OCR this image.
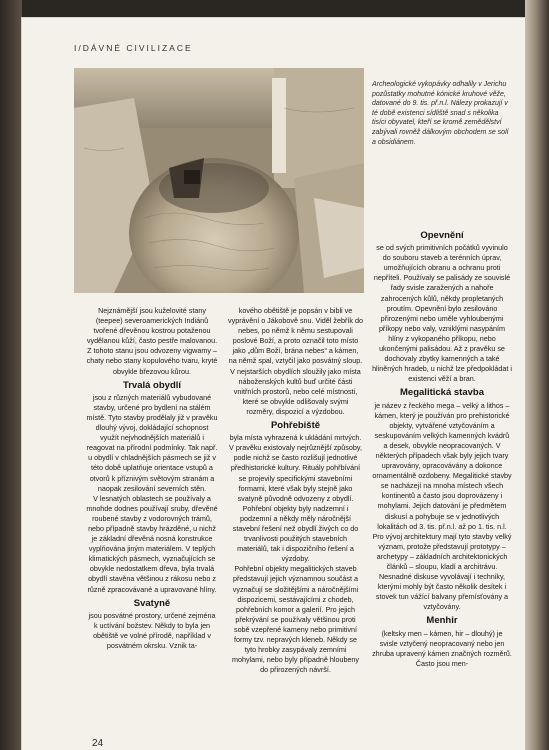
I/DÁVNÉ CIVILIZACE
Archeologické vykopávky odhalily v Jerichu pozůstatky mohutné kónické kruhové věže, datované do 9. tis. př.n.l. Nálezy prokazují v té době existenci sídliště snad s několika tisíci obyvatel, kteří se kromě zemědělství zabývali rovněž dálkovým obchodem se solí a obsidiánem.

Nejznámější jsou kuželovité stany (teepee) severoamerických Indiánů tvořené dřevěnou kostrou potaženou vydělanou kůží, často pestře malovanou. Z tohoto stanu jsou odvozeny vigwamy – chaty nebo stany kopulového tvaru, kryté obvykle březovou kůrou.

Trvalá obydlí

jsou z různých materiálů vybudované stavby, určené pro bydlení na stálém místě. Tyto stavby prodělaly již v pravěku dlouhý vývoj, dokládající schopnost využít nejvhodnějších materiálů i reagovat na přírodní podmínky. Tak např. u obydlí v chladnějších pásmech se již v této době uplatňuje orientace vstupů a otvorů k příznivým světovým stranám a naopak zesilování severních stěn.

V lesnatých oblastech se používaly a mnohde dodnes používají sruby, dřevěné roubené stavby z vodorovných trámů, nebo případně stavby hrázděné, u nichž je základní dřevěná nosná konstrukce vyplňována jiným materiálem. V teplých klimatických pásmech, vyznačujících se obvykle nedostatkem dřeva, byla trvalá obydlí stavěna většinou z rákosu nebo z různě zpracovávané a upravované hlíny.

Svatyně

jsou posvátné prostory, určené zejména k uctívání božstev. Někdy to byla jen obětiště ve volné přírodě, například v posvátném okrsku. Vznik ta-

kového obětiště je popsán v bibli ve vyprávění o Jákobově snu. Viděl žebřík do nebes, po němž k němu sestupovali poslové Boží, a proto označil toto místo jako „dům Boží, brána nebes“ a kámen, na němž spal, vztyčil jako posvátný sloup.

V nejstarších obydlích sloužily jako místa náboženských kultů buď určité části vnitřních prostorů, nebo celé místnosti, které se obvykle odlišovaly svými rozměry, dispozicí a výzdobou.

Pohřebiště

byla místa vyhrazená k ukládání mrtvých. V pravěku existovaly nejrůznější způsoby, podle nichž se často rozlišují jednotlivé předhistorické kultury. Rituály pohřbívání se projevily specifickými stavebními formami, které však byly stejně jako svatyně původně odvozeny z obydlí. Pohřební objekty byly nadzemní i podzemní a někdy měly náročnější stavební řešení než obydlí živých co do trvanlivosti použitých stavebních materiálů, tak i dispozičního řešení a výzdoby.

Pohřební objekty megalitických staveb představují jejich významnou součást a vyznačují se složitějšími a náročnějšími dispozicemi, sestávajícími z chodeb, pohřebních komor a galerií. Pro jejich překrývání se používaly většinou proti sobě vzepřené kameny nebo primitivní formy tzv. nepravých kleneb. Někdy se tyto hrobky zasypávaly zemními mohylami, nebo byly případně hloubeny do přirozených návrší.

Opevnění

se od svých primitivních počátků vyvinulo do souboru staveb a terénních úprav, umožňujících obranu a ochranu proti nepříteli. Používaly se palisády ze souvislé řady svisle zaražených a nahoře zahrocených kůlů, někdy propletaných proutím. Opevnění bylo zesilováno přirozenými nebo uměle vyhloubenými příkopy nebo valy, vzniklými nasypáním hlíny z vykopaného příkopu, nebo ukončenými palisádou. Až z pravěku se dochovaly zbytky kamenných a také hliněných hradeb, u nichž lze předpokládat i existenci věží a bran.

Megalitická stavba

je název z řeckého mega – velký a lithos – kámen, který je používán pro prehistorické objekty, vytvářené vztyčováním a seskupováním velkých kamenných kvádrů a desek, obvykle neopracovaných. V některých případech však byly jejich tvary upravovány, opracovávány a dokonce ornamentálně ozdobeny. Megalitické stavby se nacházejí na mnoha místech všech kontinentů a často jsou doprovázeny i mohylami. Jejich datování je předmětem diskusí a pohybuje se v jednotlivých lokalitách od 3. tis. př.n.l. až po 1. tis. n.l.

Pro vývoj architektury mají tyto stavby velký význam, protože představují prototypy – archetypy – základních architektonických článků – sloupu, kladí a architrávu. Nesnadné diskuse vyvolávají i techniky, kterými mohly být často několik desítek i stovek tun vážící balvany přemísťovány a vztyčovány.

Menhir

(keltsky men – kámen, hir – dlouhý) je svisle vztyčený neopracovaný nebo jen zhruba upravený kámen značných rozměrů. Často jsou men-

24
